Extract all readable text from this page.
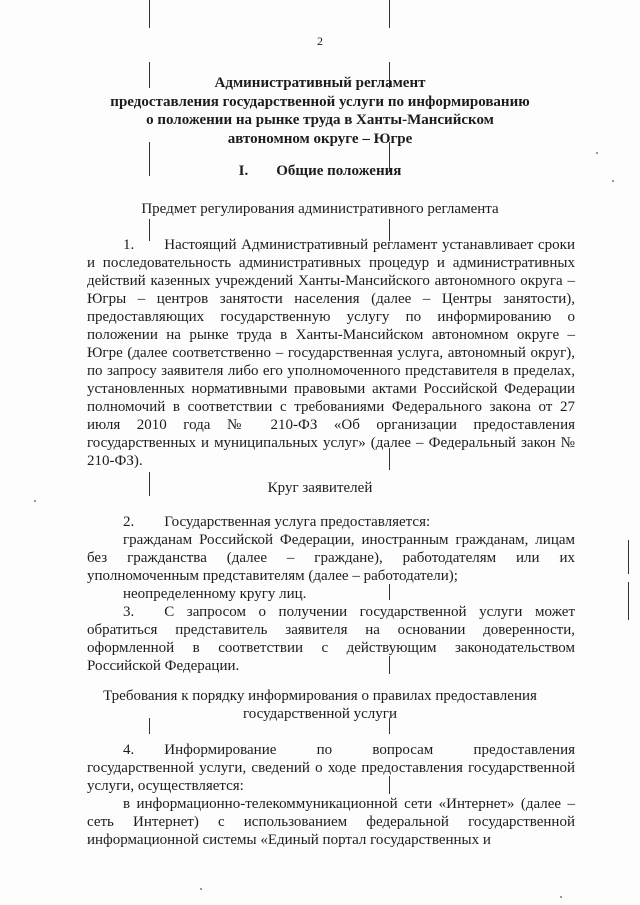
2
Административный регламент
предоставления государственной услуги по информированию
о положении на рынке труда в Ханты-Мансийском
автономном округе – Югре
I. Общие положения
Предмет регулирования административного регламента
1.  Настоящий Административный регламент устанавливает сроки и последовательность административных процедур и административных действий казенных учреждений Ханты-Мансийского автономного округа – Югры – центров занятости населения (далее – Центры занятости), предоставляющих государственную услугу по информированию о положении на рынке труда в Ханты-Мансийском автономном округе – Югре (далее соответственно – государственная услуга, автономный округ), по запросу заявителя либо его уполномоченного представителя в пределах, установленных нормативными правовыми актами Российской Федерации полномочий в соответствии с требованиями Федерального закона от 27 июля 2010 года № 210-ФЗ «Об организации предоставления государственных и муниципальных услуг» (далее – Федеральный закон № 210-ФЗ).
Круг заявителей
2.  Государственная услуга предоставляется:
гражданам Российской Федерации, иностранным гражданам, лицам без гражданства (далее – граждане), работодателям или их уполномоченным представителям (далее – работодатели);
неопределенному кругу лиц.
3.  С запросом о получении государственной услуги может обратиться представитель заявителя на основании доверенности, оформленной в соответствии с действующим законодательством Российской Федерации.
Требования к порядку информирования о правилах предоставления
государственной услуги
4.  Информирование по вопросам предоставления государственной услуги, сведений о ходе предоставления государственной услуги, осуществляется:
в информационно-телекоммуникационной сети «Интернет» (далее – сеть Интернет) с использованием федеральной государственной информационной системы «Единый портал государственных и
